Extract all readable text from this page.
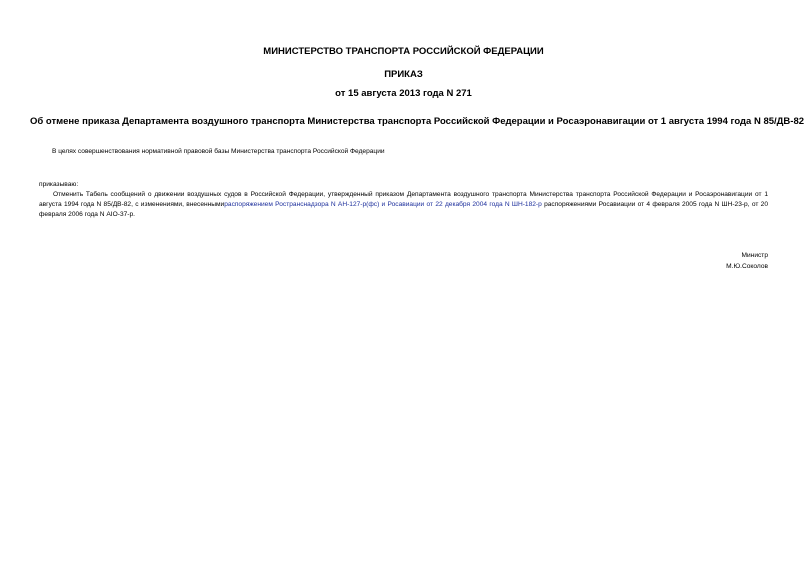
МИНИСТЕРСТВО ТРАНСПОРТА РОССИЙСКОЙ ФЕДЕРАЦИИ
ПРИКАЗ
от 15 августа 2013 года N 271
Об отмене приказа Департамента воздушного транспорта Министерства транспорта Российской Федерации и Росаэронавигации от 1 августа 1994 года N 85/ДВ-82
В целях совершенствования нормативной правовой базы Министерства транспорта Российской Федерации
приказываю:
Отменить Табель сообщений о движении воздушных судов в Российской Федерации, утвержденный приказом Департамента воздушного транспорта Министерства транспорта Российской Федерации и Росаэронавигации от 1 августа 1994 года N 85/ДВ-82, с изменениями, внесеннымираспоряжением Ространснадзора N АН-127-р(фс) и Росавиации от 22 декабря 2004 года N ШН-182-р распоряжениями Росавиации от 4 февраля 2005 года N ШН-23-р, от 20 февраля 2006 года N АІО-37-р.
Министр
М.Ю.Соколов
